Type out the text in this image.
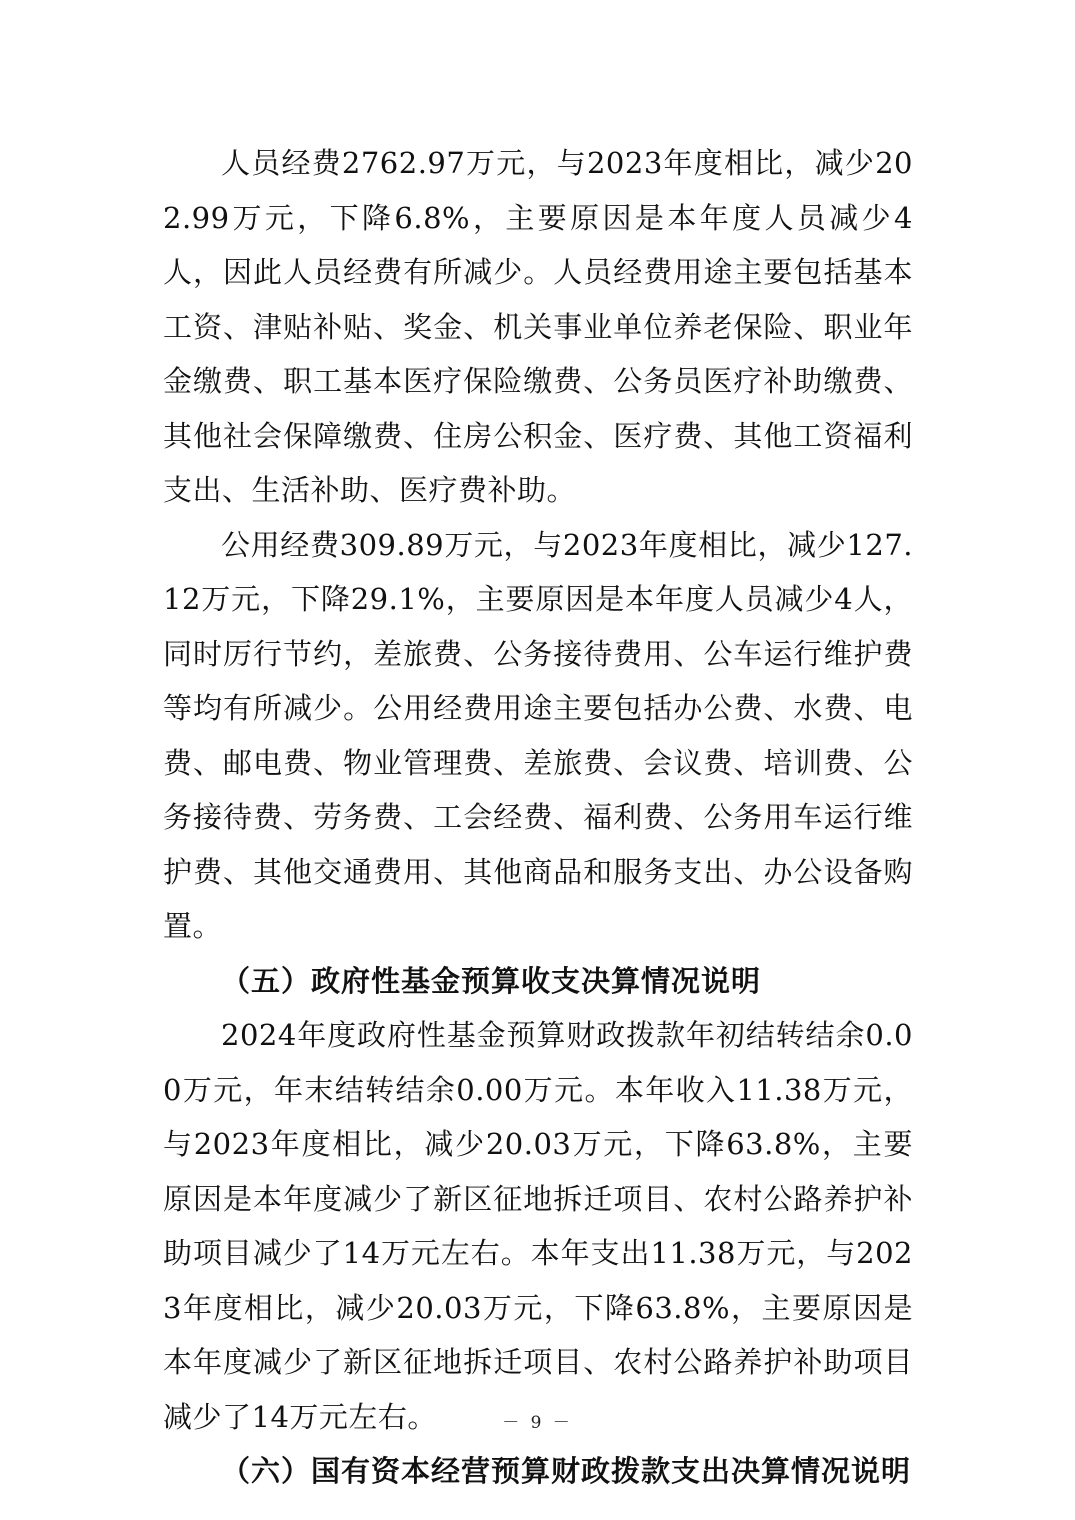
人员经费2762.97万元，与2023年度相比，减少202.99万元，下降6.8%，主要原因是本年度人员减少4人，因此人员经费有所减少。人员经费用途主要包括基本工资、津贴补贴、奖金、机关事业单位养老保险、职业年金缴费、职工基本医疗保险缴费、公务员医疗补助缴费、其他社会保障缴费、住房公积金、医疗费、其他工资福利支出、生活补助、医疗费补助。

公用经费309.89万元，与2023年度相比，减少127.12万元，下降29.1%，主要原因是本年度人员减少4人，同时厉行节约，差旅费、公务接待费用、公车运行维护费等均有所减少。公用经费用途主要包括办公费、水费、电费、邮电费、物业管理费、差旅费、会议费、培训费、公务接待费、劳务费、工会经费、福利费、公务用车运行维护费、其他交通费用、其他商品和服务支出、办公设备购置。

（五）政府性基金预算收支决算情况说明

2024年度政府性基金预算财政拨款年初结转结余0.00万元，年末结转结余0.00万元。本年收入11.38万元，与2023年度相比，减少20.03万元，下降63.8%，主要原因是本年度减少了新区征地拆迁项目、农村公路养护补助项目减少了14万元左右。本年支出11.38万元，与2023年度相比，减少20.03万元，下降63.8%，主要原因是本年度减少了新区征地拆迁项目、农村公路养护补助项目减少了14万元左右。

（六）国有资本经营预算财政拨款支出决算情况说明

－ 9 －
